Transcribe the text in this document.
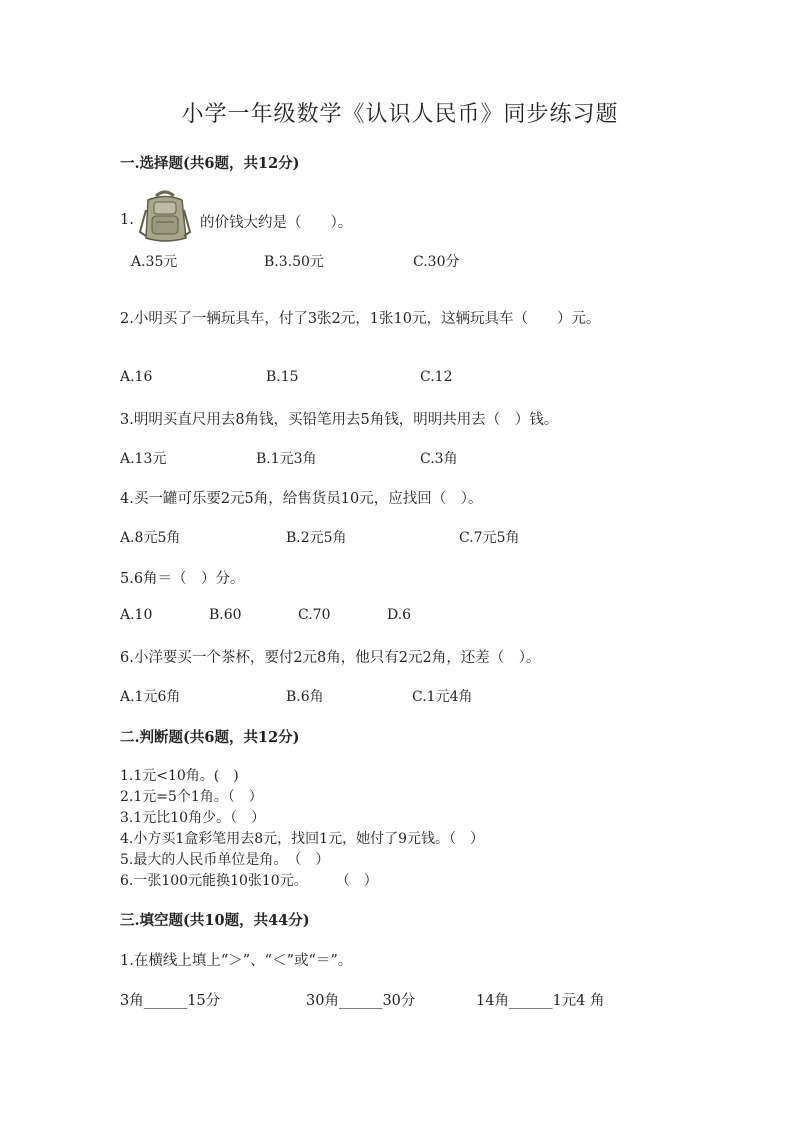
小学一年级数学《认识人民币》同步练习题
一.选择题(共6题，共12分)
1.	的价钱大约是（　　）。
A.35元	B.3.50元	C.30分
2.小明买了一辆玩具车，付了3张2元，1张10元，这辆玩具车（　　）元。
A.16	B.15	C.12
3.明明买直尺用去8角钱，买铅笔用去5角钱，明明共用去（　）钱。
A.13元	B.1元3角	C.3角
4.买一罐可乐要2元5角，给售货员10元，应找回（　）。
A.8元5角	B.2元5角	C.7元5角
5.6角＝（　）分。
A.10	B.60	C.70	D.6
6.小洋要买一个茶杯，要付2元8角，他只有2元2角，还差（　）。
A.1元6角	B.6角	C.1元4角
二.判断题(共6题，共12分)
1.1元<10角。(　)
2.1元=5个1角。（　）
3.1元比10角少。（　）
4.小方买1盒彩笔用去8元，找回1元，她付了9元钱。（　）
5.最大的人民币单位是角。　（　）
6.一张100元能换10张10元。　　　（　）
三.填空题(共10题，共44分)
1.在横线上填上“＞”、“＜”或“＝”。
3角______15分	30角______30分	14角______1元4 角
